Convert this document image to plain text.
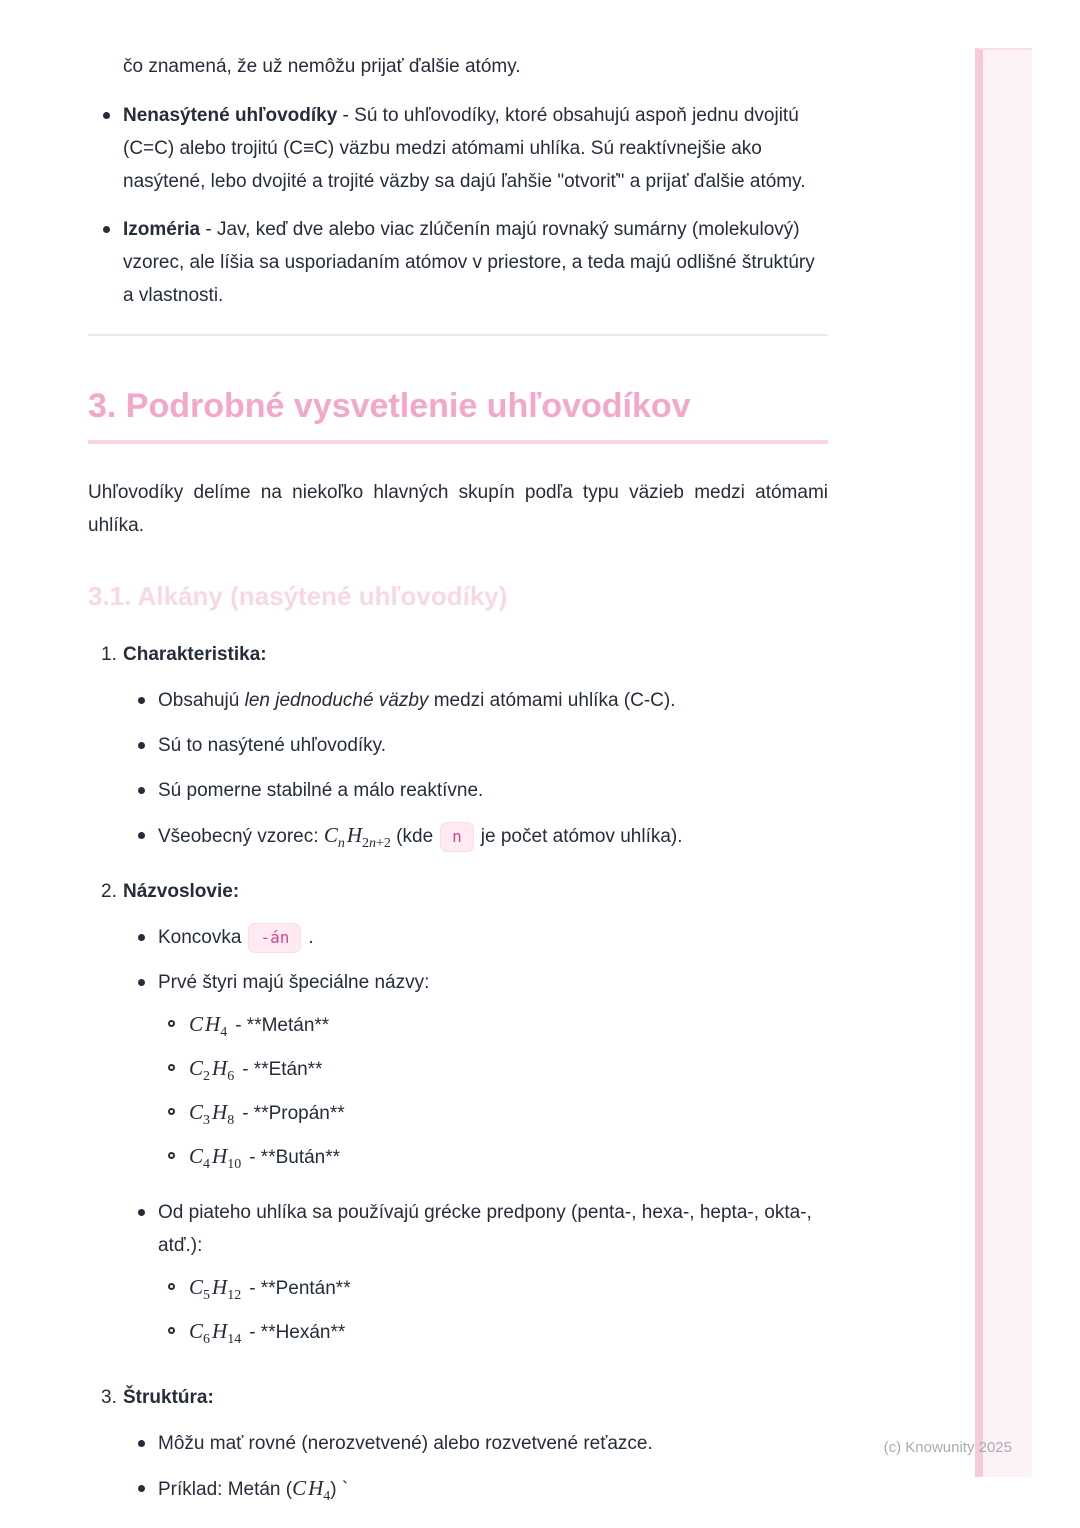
čo znamená, že už nemôžu prijať ďalšie atómy.
Nenasýtené uhľovodíky - Sú to uhľovodíky, ktoré obsahujú aspoň jednu dvojitú (C=C) alebo trojitú (C≡C) väzbu medzi atómami uhlíka. Sú reaktívnejšie ako nasýtené, lebo dvojité a trojité väzby sa dajú ľahšie "otvoriť" a prijať ďalšie atómy.
Izoméria - Jav, keď dve alebo viac zlúčenín majú rovnaký sumárny (molekulový) vzorec, ale líšia sa usporiadaním atómov v priestore, a teda majú odlišné štruktúry a vlastnosti.
3. Podrobné vysvetlenie uhľovodíkov
Uhľovodíky delíme na niekoľko hlavných skupín podľa typu väzieb medzi atómami uhlíka.
3.1. Alkány (nasýtené uhľovodíky)
1. Charakteristika:
Obsahujú len jednoduché väzby medzi atómami uhlíka (C-C).
Sú to nasýtené uhľovodíky.
Sú pomerne stabilné a málo reaktívne.
Všeobecný vzorec: $C_nH_{2n+2}$ (kde n je počet atómov uhlíka).
2. Názvoslovie:
Koncovka -án .
Prvé štyri majú špeciálne názvy:
$CH_4$ - **Metán**
$C_2H_6$ - **Etán**
$C_3H_8$ - **Propán**
$C_4H_{10}$ - **Bután**
Od piateho uhlíka sa používajú grécke predpony (penta-, hexa-, hepta-, okta-, atď.):
$C_5H_{12}$ - **Pentán**
$C_6H_{14}$ - **Hexán**
3. Štruktúra:
Môžu mať rovné (nerozvetvené) alebo rozvetvené reťazce.
Príklad: Metán $(CH_4)$ `
(c) Knowunity 2025
